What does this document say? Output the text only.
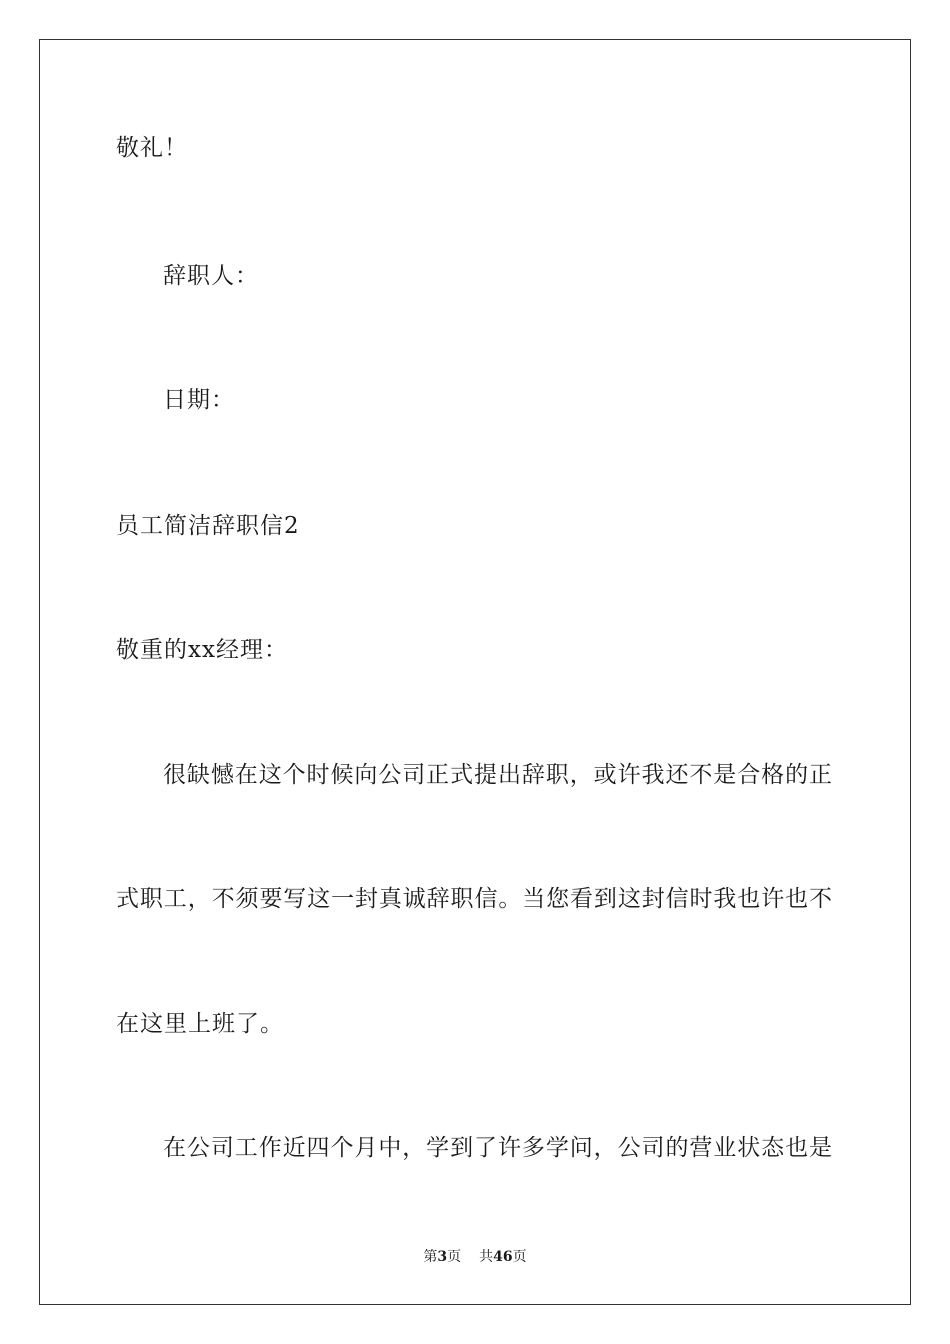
敬礼！
辞职人：
日期：
员工简洁辞职信2
敬重的xx经理：
很缺憾在这个时候向公司正式提出辞职，或许我还不是合格的正
式职工，不须要写这一封真诚辞职信。当您看到这封信时我也许也不
在这里上班了。
在公司工作近四个月中，学到了许多学问，公司的营业状态也是
第3页 共46页
